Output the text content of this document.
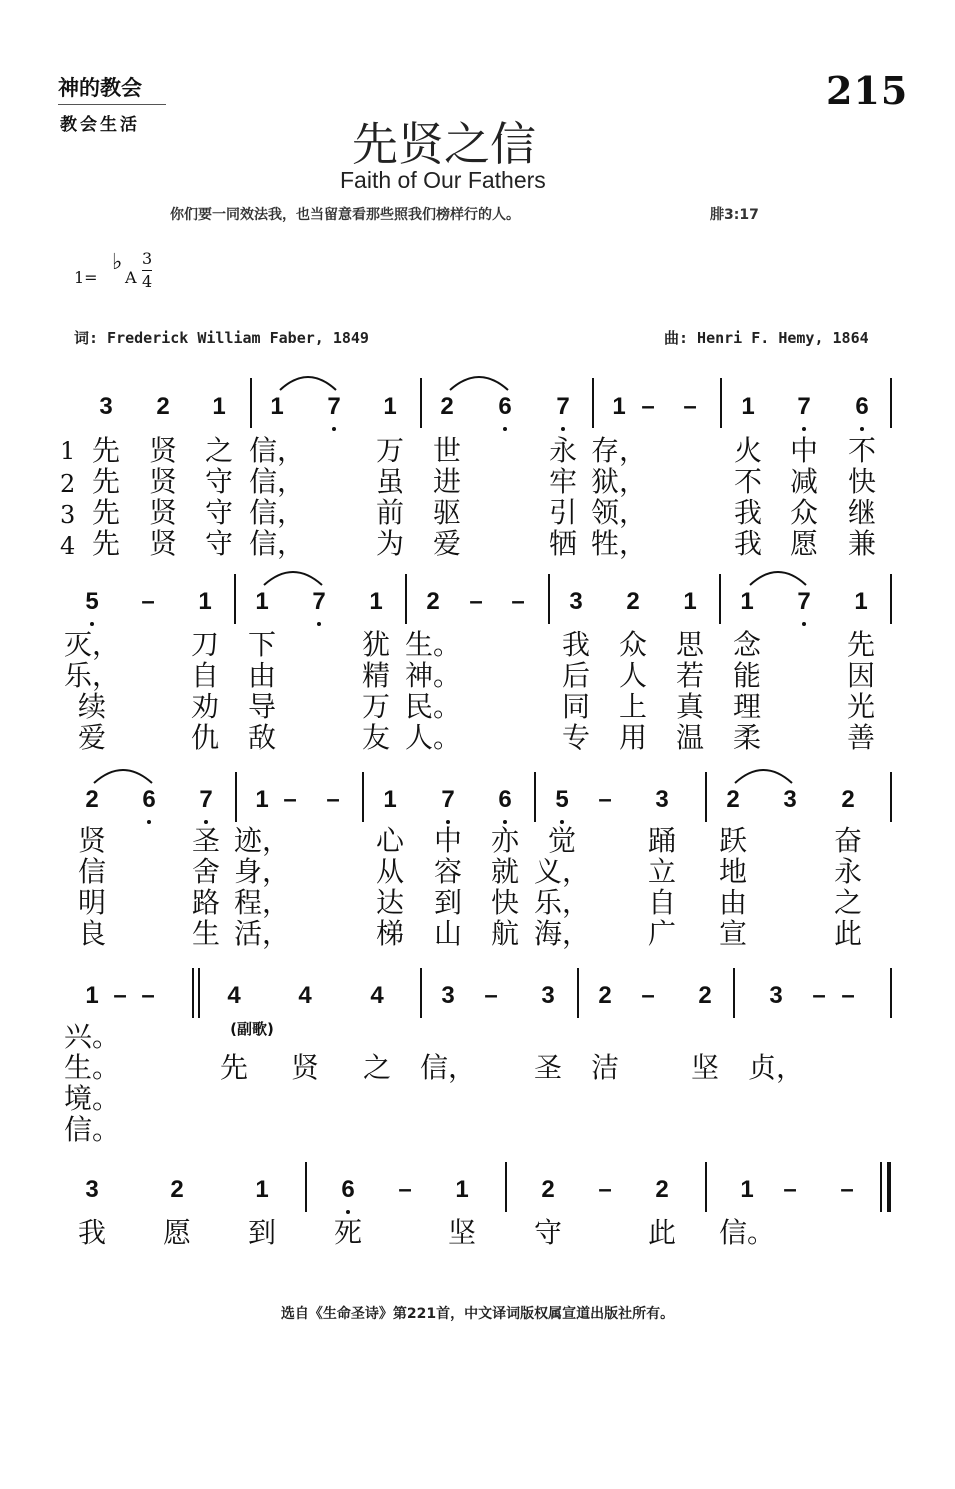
神的教会
教会生活
215
先贤之信
Faith of Our Fathers
你们要一同效法我，也当留意看那些照我们榜样行的人。	腓3:17
1=
♭
A
3
4
词: Frederick William Faber, 1849	曲: Henri F. Hemy, 1864
(副歌)
3 2 1 1 7 1 2 6 7 1 – – 1 7 6
1
2
3
4
先 贤 之 信，	万 世	永 存，	火 中 不
先 贤 守 信，	虽 进	牢 狱，	不 减 快
先 贤 守 信，	前 驱	引 领，	我 众 继
先 贤 守 信，	为 爱	牺 牲，	我 愿 兼
5 – 1 1 7 1 2 – – 3 2 1 1 7 1
灭，	刀 下	犹 生。	我 众 思 念	先
乐，	自 由	精 神。	后 人 若 能	因
续	劝 导	万 民。	同 上 真 理	光
爱	仇 敌	友 人。	专 用 温 柔	善
2 6 7 1 – – 1 7 6 5 – 3 2 3 2
贤	圣 迹，	心 中 亦 觉	踊 跃	奋
信	舍 身，	从 容 就 义， 立 地	永
明	路 程，	达 到 快 乐， 自 由	之
良	生 活，	梯 山 航 海， 广 宣	此
1 – –	4 4 4 3 – 3 2 – 2 3 – –
兴。
生。	先 贤 之 信， 圣 洁	坚 贞，
境。
信。
3	2	1	6 – 1	2 – 2	1 – –
我 愿 到 死	坚 守	此 信。
选自《生命圣诗》第221首，中文译词版权属宣道出版社所有。
